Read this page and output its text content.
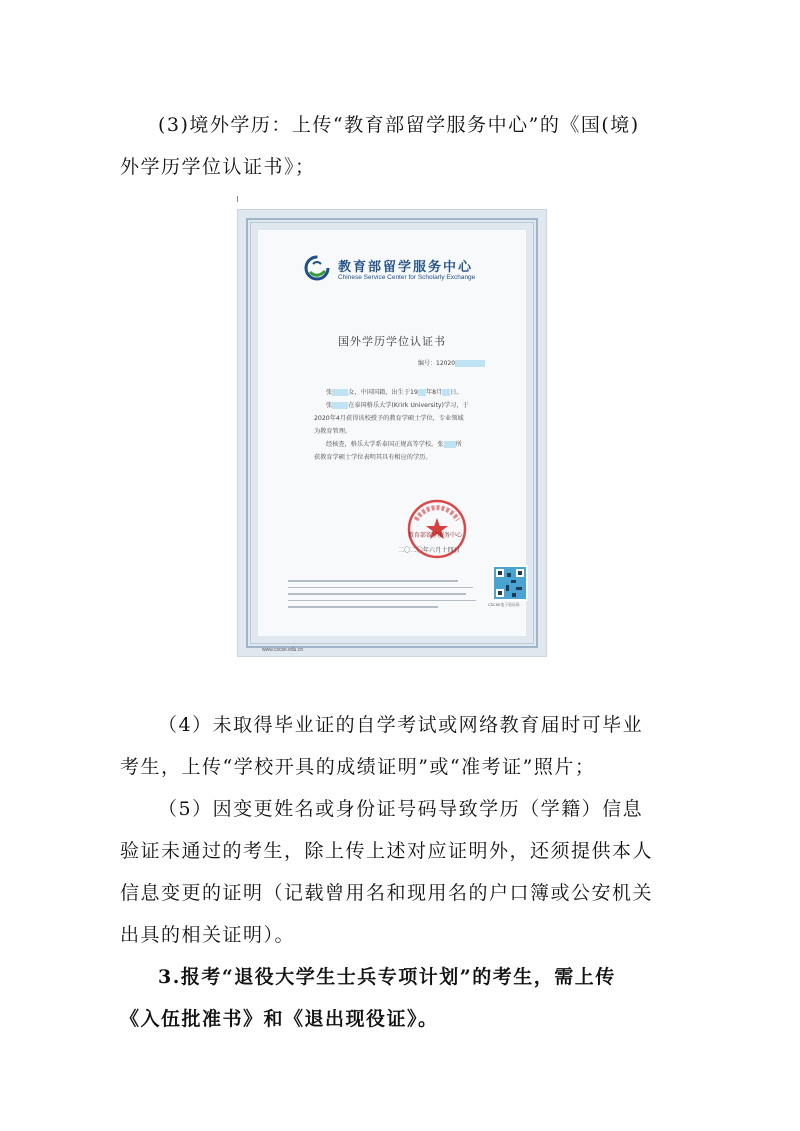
(3)境外学历：上传“教育部留学服务中心”的《国(境)
外学历学位认证书》；
教育部留学服务中心
Chinese Service Center for Scholarly Exchange
国外学历学位认证书
编号：12020
张	女，中国国籍，出生于19 年8月 日。
张	在泰国格乐大学(Krirk University)学习，于
2020年4月获得该校授予的教育学硕士学位，专业领域
为教育管理。
经核查，格乐大学系泰国正规高等学校。张 所
获教育学硕士学位表明其具有相应的学历。
教育部留学服务中心
二〇二〇年六月十四日
CSCSE电子验证码
www.cscse.edu.cn
（4）未取得毕业证的自学考试或网络教育届时可毕业
考生，上传“学校开具的成绩证明”或“准考证”照片；
（5）因变更姓名或身份证号码导致学历（学籍）信息
验证未通过的考生，除上传上述对应证明外，还须提供本人
信息变更的证明（记载曾用名和现用名的户口簿或公安机关
出具的相关证明）。
3.报考“退役大学生士兵专项计划”的考生，需上传
《入伍批准书》和《退出现役证》。
